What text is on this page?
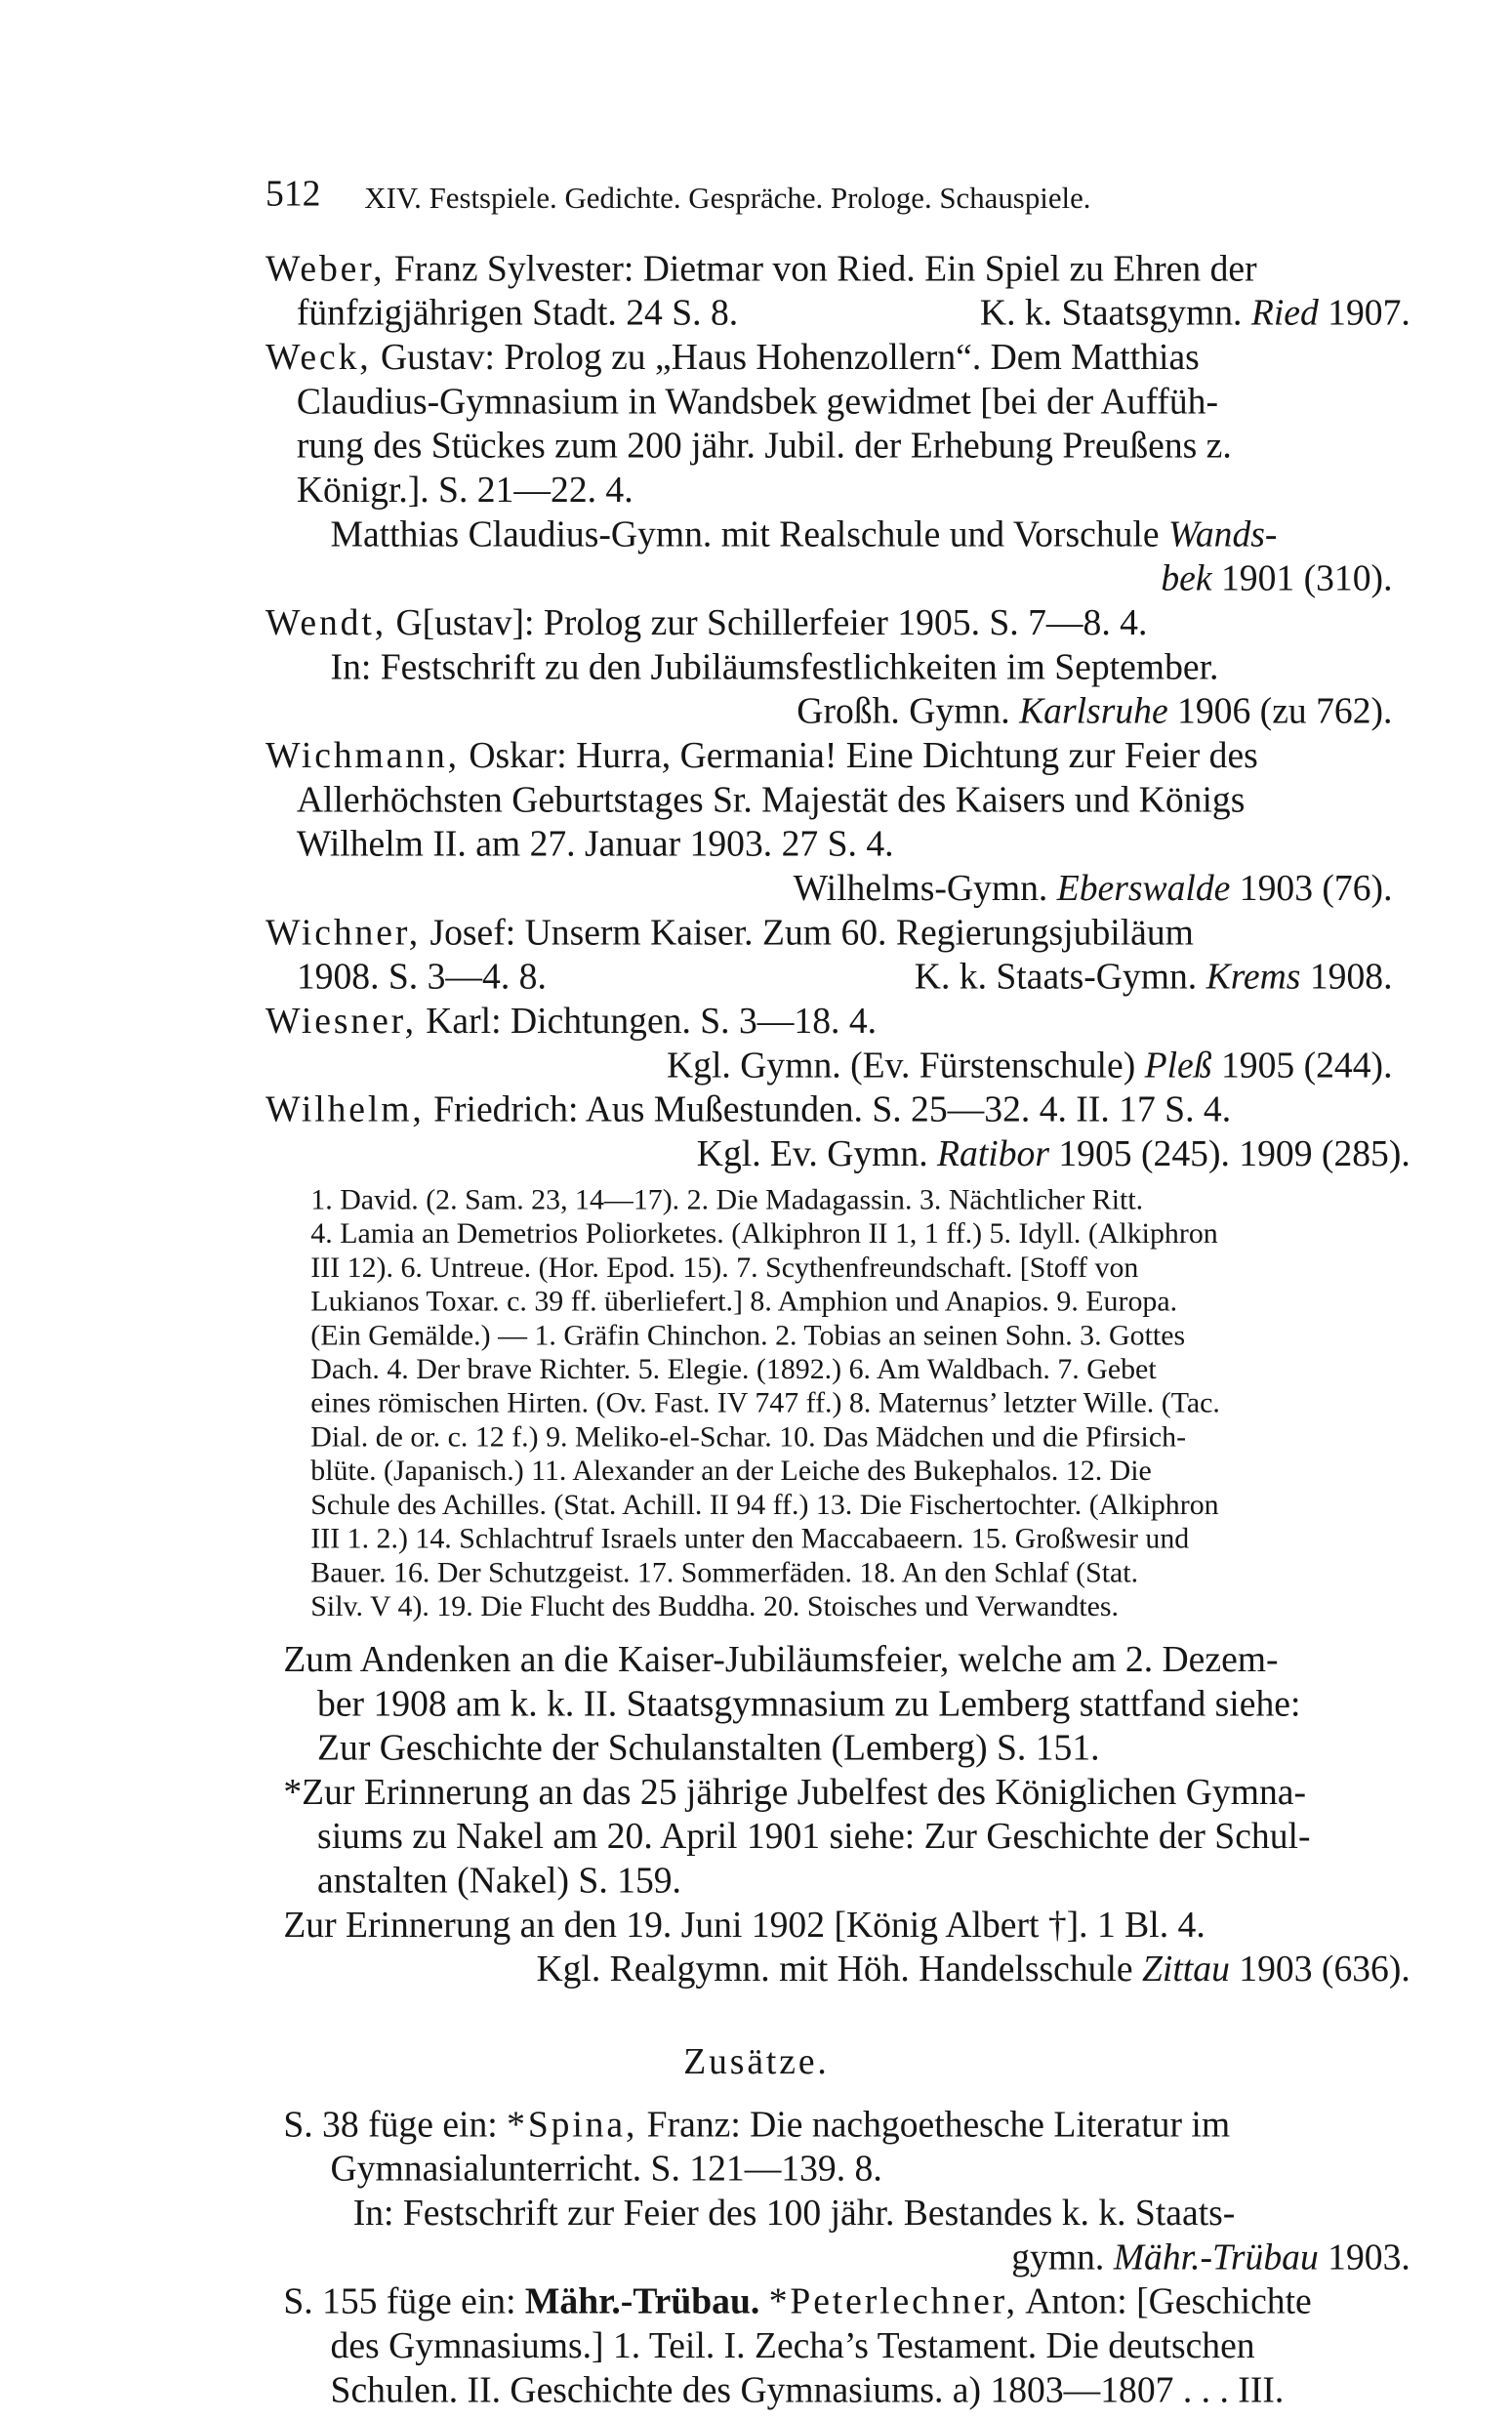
512 XIV. Festspiele. Gedichte. Gespräche. Prologe. Schauspiele.
Weber, Franz Sylvester: Dietmar von Ried. Ein Spiel zu Ehren der
fünfzigjährigen Stadt. 24 S. 8.	K. k. Staatsgymn. Ried 1907.
Weck, Gustav: Prolog zu „Haus Hohenzollern“. Dem Matthias
Claudius-Gymnasium in Wandsbek gewidmet [bei der Auffüh-
rung des Stückes zum 200 jähr. Jubil. der Erhebung Preußens z.
Königr.]. S. 21—22. 4.
Matthias Claudius-Gymn. mit Realschule und Vorschule Wands-
bek 1901 (310).
Wendt, G[ustav]: Prolog zur Schillerfeier 1905. S. 7—8. 4.
In: Festschrift zu den Jubiläumsfestlichkeiten im September.
Großh. Gymn. Karlsruhe 1906 (zu 762).
Wichmann, Oskar: Hurra, Germania! Eine Dichtung zur Feier des
Allerhöchsten Geburtstages Sr. Majestät des Kaisers und Königs
Wilhelm II. am 27. Januar 1903. 27 S. 4.
Wilhelms-Gymn. Eberswalde 1903 (76).
Wichner, Josef: Unserm Kaiser. Zum 60. Regierungsjubiläum
1908. S. 3—4. 8.	K. k. Staats-Gymn. Krems 1908.
Wiesner, Karl: Dichtungen. S. 3—18. 4.
Kgl. Gymn. (Ev. Fürstenschule) Pleß 1905 (244).
Wilhelm, Friedrich: Aus Mußestunden. S. 25—32. 4. II. 17 S. 4.
Kgl. Ev. Gymn. Ratibor 1905 (245). 1909 (285).
1. David. (2. Sam. 23, 14—17). 2. Die Madagassin. 3. Nächtlicher Ritt.
4. Lamia an Demetrios Poliorketes. (Alkiphron II 1, 1 ff.) 5. Idyll. (Alkiphron
III 12). 6. Untreue. (Hor. Epod. 15). 7. Scythenfreundschaft. [Stoff von
Lukianos Toxar. c. 39 ff. überliefert.] 8. Amphion und Anapios. 9. Europa.
(Ein Gemälde.) — 1. Gräfin Chinchon. 2. Tobias an seinen Sohn. 3. Gottes
Dach. 4. Der brave Richter. 5. Elegie. (1892.) 6. Am Waldbach. 7. Gebet
eines römischen Hirten. (Ov. Fast. IV 747 ff.) 8. Maternus’ letzter Wille. (Tac.
Dial. de or. c. 12 f.) 9. Meliko-el-Schar. 10. Das Mädchen und die Pfirsich-
blüte. (Japanisch.) 11. Alexander an der Leiche des Bukephalos. 12. Die
Schule des Achilles. (Stat. Achill. II 94 ff.) 13. Die Fischertochter. (Alkiphron
III 1. 2.) 14. Schlachtruf Israels unter den Maccabaeern. 15. Großwesir und
Bauer. 16. Der Schutzgeist. 17. Sommerfäden. 18. An den Schlaf (Stat.
Silv. V 4). 19. Die Flucht des Buddha. 20. Stoisches und Verwandtes.
Zum Andenken an die Kaiser-Jubiläumsfeier, welche am 2. Dezem-
ber 1908 am k. k. II. Staatsgymnasium zu Lemberg stattfand siehe:
Zur Geschichte der Schulanstalten (Lemberg) S. 151.
*Zur Erinnerung an das 25 jährige Jubelfest des Königlichen Gymna-
siums zu Nakel am 20. April 1901 siehe: Zur Geschichte der Schul-
anstalten (Nakel) S. 159.
Zur Erinnerung an den 19. Juni 1902 [König Albert †]. 1 Bl. 4.
Kgl. Realgymn. mit Höh. Handelsschule Zittau 1903 (636).
Zusätze.
S. 38 füge ein: *Spina, Franz: Die nachgoethesche Literatur im
Gymnasialunterricht. S. 121—139. 8.
In: Festschrift zur Feier des 100 jähr. Bestandes k. k. Staats-
gymn. Mähr.-Trübau 1903.
S. 155 füge ein: Mähr.-Trübau. *Peterlechner, Anton: [Geschichte
des Gymnasiums.] 1. Teil. I. Zecha’s Testament. Die deutschen
Schulen. II. Geschichte des Gymnasiums. a) 1803—1807 . . . III.
